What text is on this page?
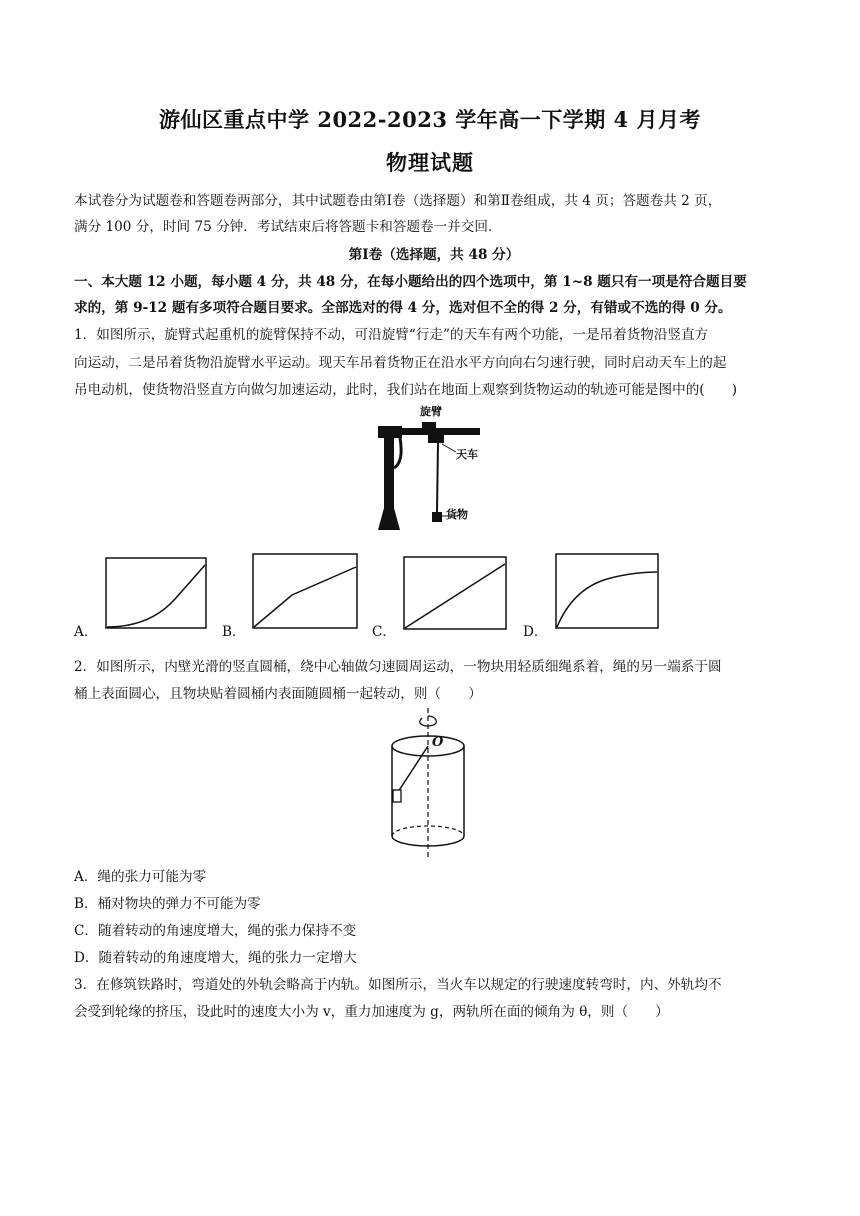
游仙区重点中学 2022-2023 学年高一下学期 4 月月考
物理试题
本试卷分为试题卷和答题卷两部分，其中试题卷由第Ⅰ卷（选择题）和第Ⅱ卷组成，共 4 页；答题卷共 2 页，
满分 100 分，时间 75 分钟．考试结束后将答题卡和答题卷一并交回．
第Ⅰ卷（选择题，共 48 分）
一、本大题 12 小题，每小题 4 分，共 48 分，在每小题给出的四个选项中，第 1~8 题只有一项是符合题目要
求的，第 9-12 题有多项符合题目要求。全部选对的得 4 分，选对但不全的得 2 分，有错或不选的得 0 分。
1．如图所示，旋臂式起重机的旋臂保持不动，可沿旋臂“行走”的天车有两个功能，一是吊着货物沿竖直方
向运动，二是吊着货物沿旋臂水平运动。现天车吊着货物正在沿水平方向向右匀速行驶，同时启动天车上的起
吊电动机，使货物沿竖直方向做匀加速运动，此时，我们站在地面上观察到货物运动的轨迹可能是图中的(　　)
旋臂
天车
货物
A．	B．	C．	D．
2．如图所示，内壁光滑的竖直圆桶，绕中心轴做匀速圆周运动，一物块用轻质细绳系着，绳的另一端系于圆
桶上表面圆心，且物块贴着圆桶内表面随圆桶一起转动，则（　　）
O
A．绳的张力可能为零
B．桶对物块的弹力不可能为零
C．随着转动的角速度增大，绳的张力保持不变
D．随着转动的角速度增大，绳的张力一定增大
3．在修筑铁路时，弯道处的外轨会略高于内轨。如图所示，当火车以规定的行驶速度转弯时，内、外轨均不
会受到轮缘的挤压，设此时的速度大小为 v，重力加速度为 g，两轨所在面的倾角为 θ，则（　　）
